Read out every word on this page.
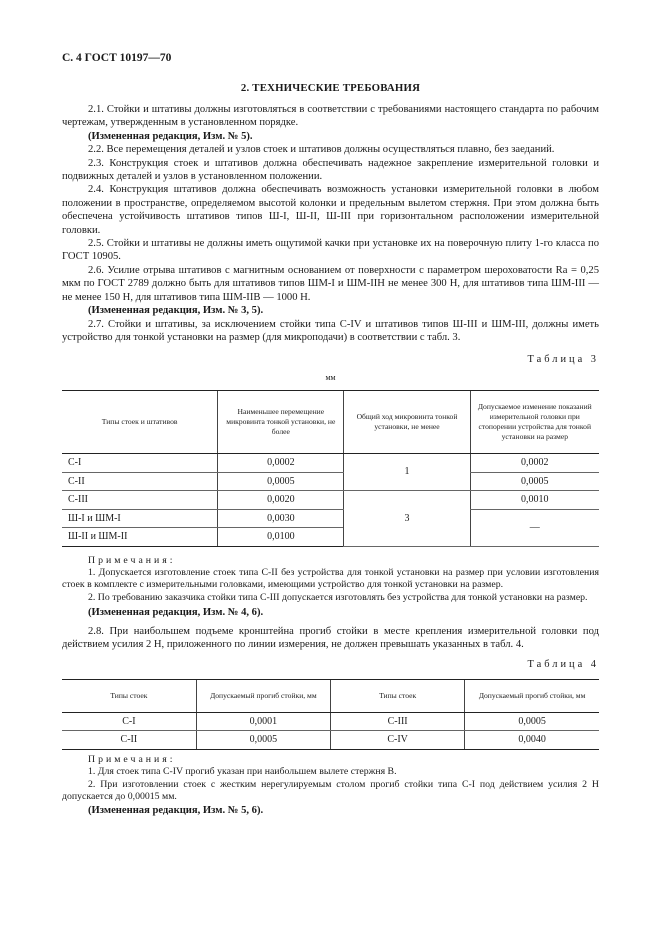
С. 4 ГОСТ 10197—70
2. ТЕХНИЧЕСКИЕ ТРЕБОВАНИЯ

2.1. Стойки и штативы должны изготовляться в соответствии с требованиями настоящего стандарта по рабочим чертежам, утвержденным в установленном порядке.

(Измененная редакция, Изм. № 5).

2.2. Все перемещения деталей и узлов стоек и штативов должны осуществляться плавно, без заеданий.

2.3. Конструкция стоек и штативов должна обеспечивать надежное закрепление измерительной головки и подвижных деталей и узлов в установленном положении.

2.4. Конструкция штативов должна обеспечивать возможность установки измерительной головки в любом положении в пространстве, определяемом высотой колонки и предельным вылетом стержня. При этом должна быть обеспечена устойчивость штативов типов Ш-I, Ш-II, Ш-III при горизонтальном расположении измерительной головки.

2.5. Стойки и штативы не должны иметь ощутимой качки при установке их на поверочную плиту 1-го класса по ГОСТ 10905.

2.6. Усилие отрыва штативов с магнитным основанием от поверхности с параметром шероховатости Ra = 0,25 мкм по ГОСТ 2789 должно быть для штативов типов ШМ-I и ШМ-IIН не менее 300 Н, для штативов типа ШМ-III — не менее 150 Н, для штативов типа ШМ-IIВ — 1000 Н.

(Измененная редакция, Изм. № 3, 5).

2.7. Стойки и штативы, за исключением стойки типа С-IV и штативов типов Ш-III и ШМ-III, должны иметь устройство для тонкой установки на размер (для микроподачи) в соответствии с табл. 3.

Таблица 3
мм
Типы стоек и штативов	Наименьшее перемещение микровинта тонкой установки, не более	Общий ход микровинта тонкой установки, не менее	Допускаемое изменение показаний измерительной головки при стопорении устройства для тонкой установки на размер
С-I	0,0002	1	0,0002
С-II	0,0005		0,0005
С-III	0,0020	3	0,0010
Ш-I и ШМ-I	0,0030		—
Ш-II и ШМ-II	0,0100		
Примечания:

1. Допускается изготовление стоек типа С-II без устройства для тонкой установки на размер при условии изготовления стоек в комплекте с измерительными головками, имеющими устройство для тонкой установки на размер.

2. По требованию заказчика стойки типа С-III допускается изготовлять без устройства для тонкой установки на размер.

(Измененная редакция, Изм. № 4, 6).

2.8. При наибольшем подъеме кронштейна прогиб стойки в месте крепления измерительной головки под действием усилия 2 Н, приложенного по линии измерения, не должен превышать указанных в табл. 4.

Таблица 4
Типы стоек	Допускаемый прогиб стойки, мм	Типы стоек	Допускаемый прогиб стойки, мм
С-I	0,0001	С-III	0,0005
С-II	0,0005	С-IV	0,0040
Примечания:

1. Для стоек типа С-IV прогиб указан при наибольшем вылете стержня В.

2. При изготовлении стоек с жестким нерегулируемым столом прогиб стойки типа С-I под действием усилия 2 Н допускается до 0,00015 мм.

(Измененная редакция, Изм. № 5, 6).
